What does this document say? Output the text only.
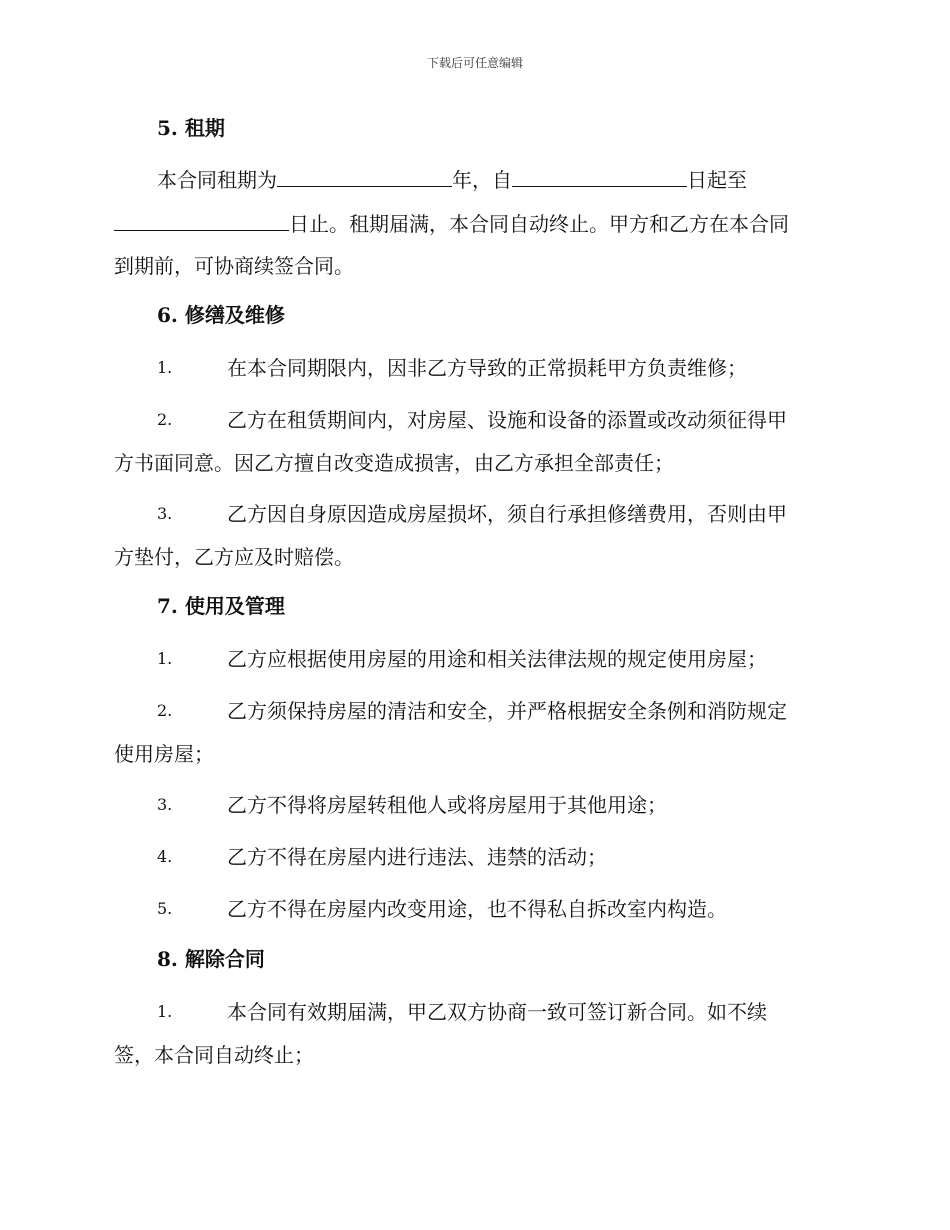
下载后可任意编辑
5. 租期
本合同租期为	年，自	日起至
日止。租期届满，本合同自动终止。甲方和乙方在本合同
到期前，可协商续签合同。
6. 修缮及维修
1.	在本合同期限内，因非乙方导致的正常损耗甲方负责维修；
2.	乙方在租赁期间内，对房屋、设施和设备的添置或改动须征得甲
方书面同意。因乙方擅自改变造成损害，由乙方承担全部责任；
3.	乙方因自身原因造成房屋损坏，须自行承担修缮费用，否则由甲
方垫付，乙方应及时赔偿。
7. 使用及管理
1.	乙方应根据使用房屋的用途和相关法律法规的规定使用房屋；
2.	乙方须保持房屋的清洁和安全，并严格根据安全条例和消防规定
使用房屋；
3.	乙方不得将房屋转租他人或将房屋用于其他用途；
4.	乙方不得在房屋内进行违法、违禁的活动；
5.	乙方不得在房屋内改变用途，也不得私自拆改室内构造。
8. 解除合同
1.	本合同有效期届满，甲乙双方协商一致可签订新合同。如不续
签，本合同自动终止；
